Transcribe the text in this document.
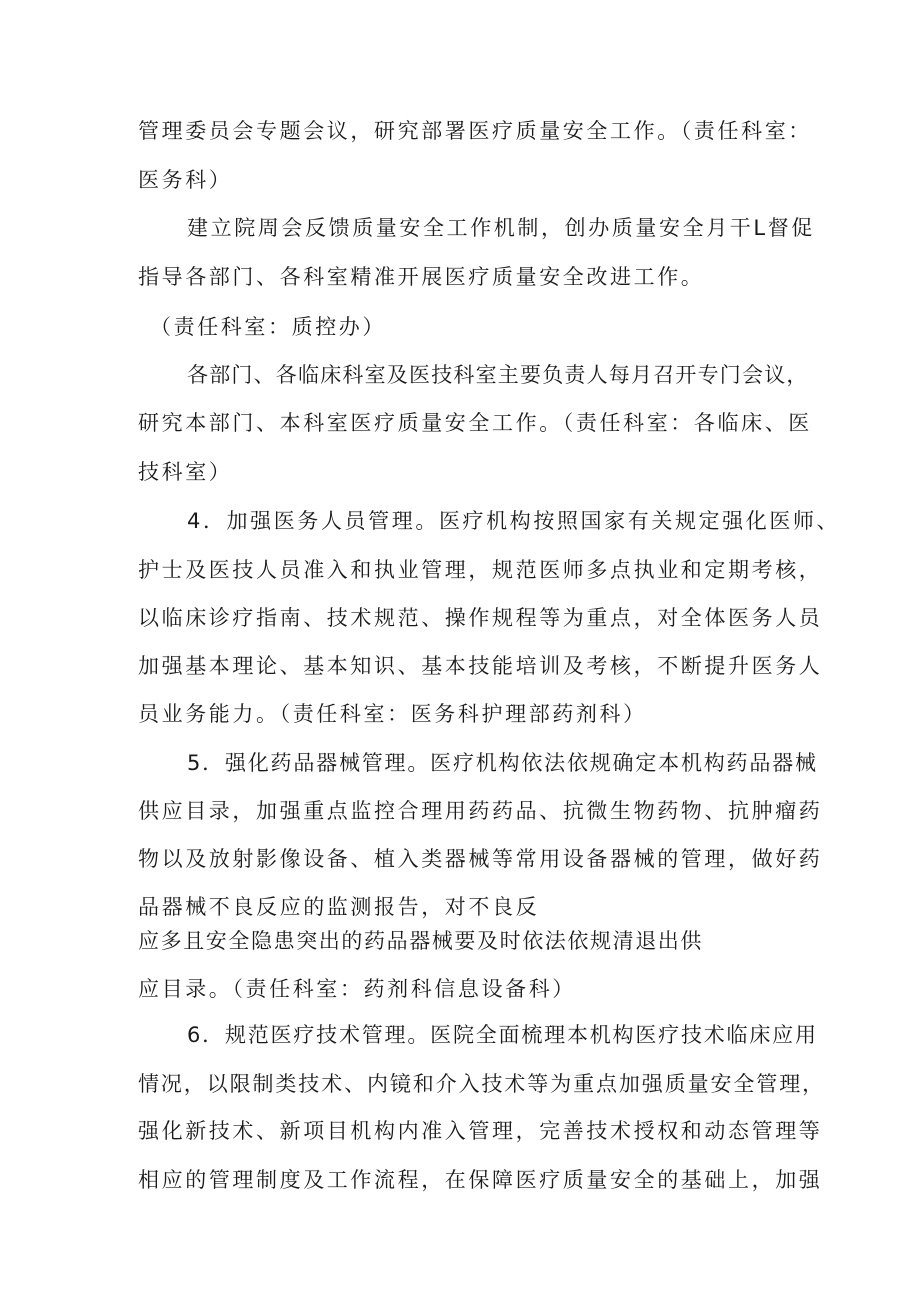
管理委员会专题会议，研究部署医疗质量安全工作。（责任科室：
医务科）
建立院周会反馈质量安全工作机制，创办质量安全月干L督促
指导各部门、各科室精准开展医疗质量安全改进工作。
（责任科室：质控办）
各部门、各临床科室及医技科室主要负责人每月召开专门会议，
研究本部门、本科室医疗质量安全工作。（责任科室：各临床、医
技科室）
4．加强医务人员管理。医疗机构按照国家有关规定强化医师、
护士及医技人员准入和执业管理，规范医师多点执业和定期考核，
以临床诊疗指南、技术规范、操作规程等为重点，对全体医务人员
加强基本理论、基本知识、基本技能培训及考核，不断提升医务人
员业务能力。（责任科室：医务科护理部药剂科）
5．强化药品器械管理。医疗机构依法依规确定本机构药品器械
供应目录，加强重点监控合理用药药品、抗微生物药物、抗肿瘤药
物以及放射影像设备、植入类器械等常用设备器械的管理，做好药
品器械不良反应的监测报告，对不良反
应多且安全隐患突出的药品器械要及时依法依规清退出供
应目录。（责任科室：药剂科信息设备科）
6．规范医疗技术管理。医院全面梳理本机构医疗技术临床应用
情况，以限制类技术、内镜和介入技术等为重点加强质量安全管理，
强化新技术、新项目机构内准入管理，完善技术授权和动态管理等
相应的管理制度及工作流程，在保障医疗质量安全的基础上，加强
